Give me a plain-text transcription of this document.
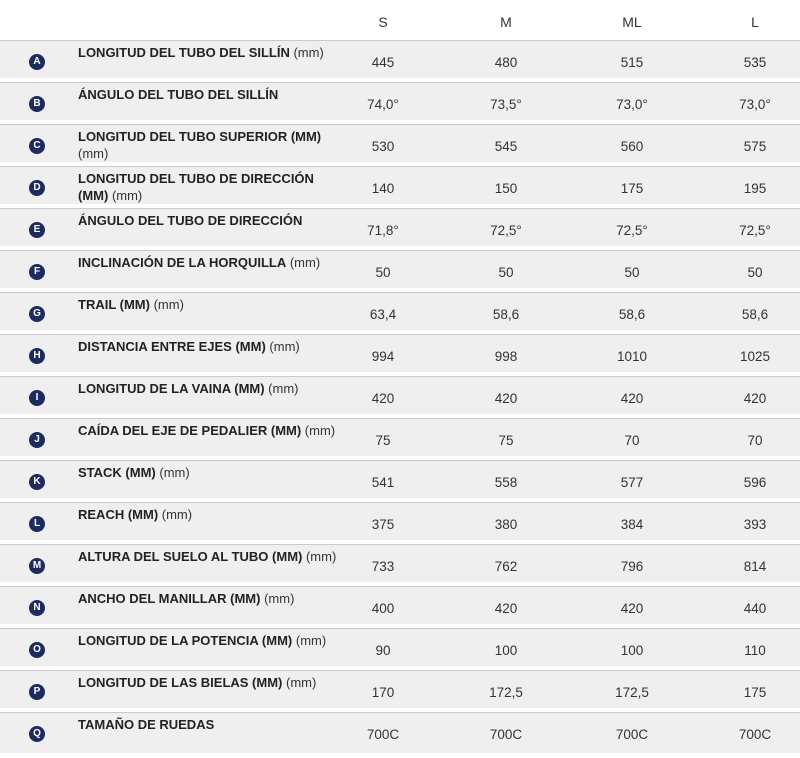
S	M	ML	L
A
LONGITUD DEL TUBO DEL SILLÍN (mm)
445	480	515	535
B
ÁNGULO DEL TUBO DEL SILLÍN
74,0°	73,5°	73,0°	73,0°
C
LONGITUD DEL TUBO SUPERIOR (MM) (mm)	530	545	560	575
D
LONGITUD DEL TUBO DE DIRECCIÓN (MM) (mm)	140	150	175	195
E
ÁNGULO DEL TUBO DE DIRECCIÓN
71,8°	72,5°	72,5°	72,5°
F
INCLINACIÓN DE LA HORQUILLA (mm)
50	50	50	50
G
TRAIL (MM) (mm)
63,4	58,6	58,6	58,6
H
DISTANCIA ENTRE EJES (MM) (mm)
994	998	1010	1025
I
LONGITUD DE LA VAINA (MM) (mm)
420	420	420	420
J
CAÍDA DEL EJE DE PEDALIER (MM) (mm)
75	75	70	70
K
STACK (MM) (mm)
541	558	577	596
L
REACH (MM) (mm)
375	380	384	393
M
ALTURA DEL SUELO AL TUBO (MM) (mm)
733	762	796	814
N
ANCHO DEL MANILLAR (MM) (mm)
400	420	420	440
O
LONGITUD DE LA POTENCIA (MM) (mm)
90	100	100	110
P
LONGITUD DE LAS BIELAS (MM) (mm)
170	172,5	172,5	175
Q
TAMAÑO DE RUEDAS
700C	700C	700C	700C
